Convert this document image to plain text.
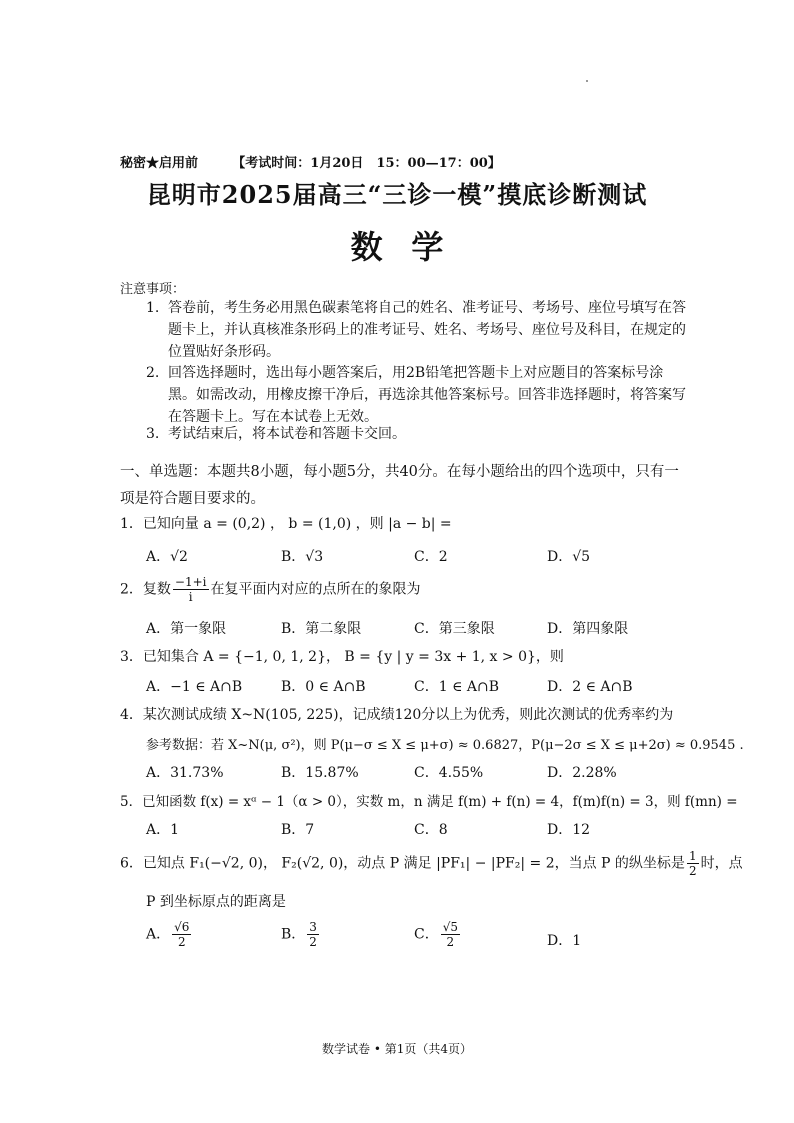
秘密★启用前	【考试时间：1月20日　15：00—17：00】
昆明市2025届高三“三诊一模”摸底诊断测试
数学
注意事项：
1. 答卷前，考生务必用黑色碳素笔将自己的姓名、准考证号、考场号、座位号填写在答题卡上，并认真核准条形码上的准考证号、姓名、考场号、座位号及科目，在规定的位置贴好条形码。
2. 回答选择题时，选出每小题答案后，用2B铅笔把答题卡上对应题目的答案标号涂黑。如需改动，用橡皮擦干净后，再选涂其他答案标号。回答非选择题时，将答案写在答题卡上。写在本试卷上无效。
3. 考试结束后，将本试卷和答题卡交回。
一、单选题：本题共8小题，每小题5分，共40分。在每小题给出的四个选项中，只有一项是符合题目要求的。
1．已知向量 a = (0,2) ， b = (1,0) ，则 |a − b| =
A．√2	B．√3	C．2	D．√5
2．复数 $\frac{-1+i}{i}$ 在复平面内对应的点所在的象限为
A．第一象限	B．第二象限	C．第三象限	D．第四象限
3．已知集合 A = {−1, 0, 1, 2}， B = {y | y = 3x + 1, x > 0}，则
A．−1 ∈ A∩B	B．0 ∈ A∩B	C．1 ∈ A∩B	D．2 ∈ A∩B
4．某次测试成绩 X~N(105, 225)，记成绩120分以上为优秀，则此次测试的优秀率约为
参考数据：若 X~N(μ, σ²)，则 P(μ−σ ≤ X ≤ μ+σ) ≈ 0.6827，P(μ−2σ ≤ X ≤ μ+2σ) ≈ 0.9545 .
A．31.73%	B．15.87%	C．4.55%	D．2.28%
5．已知函数 f(x) = xᵅ − 1（α > 0），实数 m，n 满足 f(m) + f(n) = 4，f(m)f(n) = 3，则 f(mn) =
A．1	B．7	C．8	D．12
6．已知点 F₁(−√2, 0)， F₂(√2, 0)，动点 P 满足 |PF₁| − |PF₂| = 2，当点 P 的纵坐标是 $\frac{1}{2}$ 时，点
P 到坐标原点的距离是
A． $\frac{√6}{2}$	B． $\frac{3}{2}$	C． $\frac{√5}{2}$	D．1
数学试卷 • 第1页（共4页）
